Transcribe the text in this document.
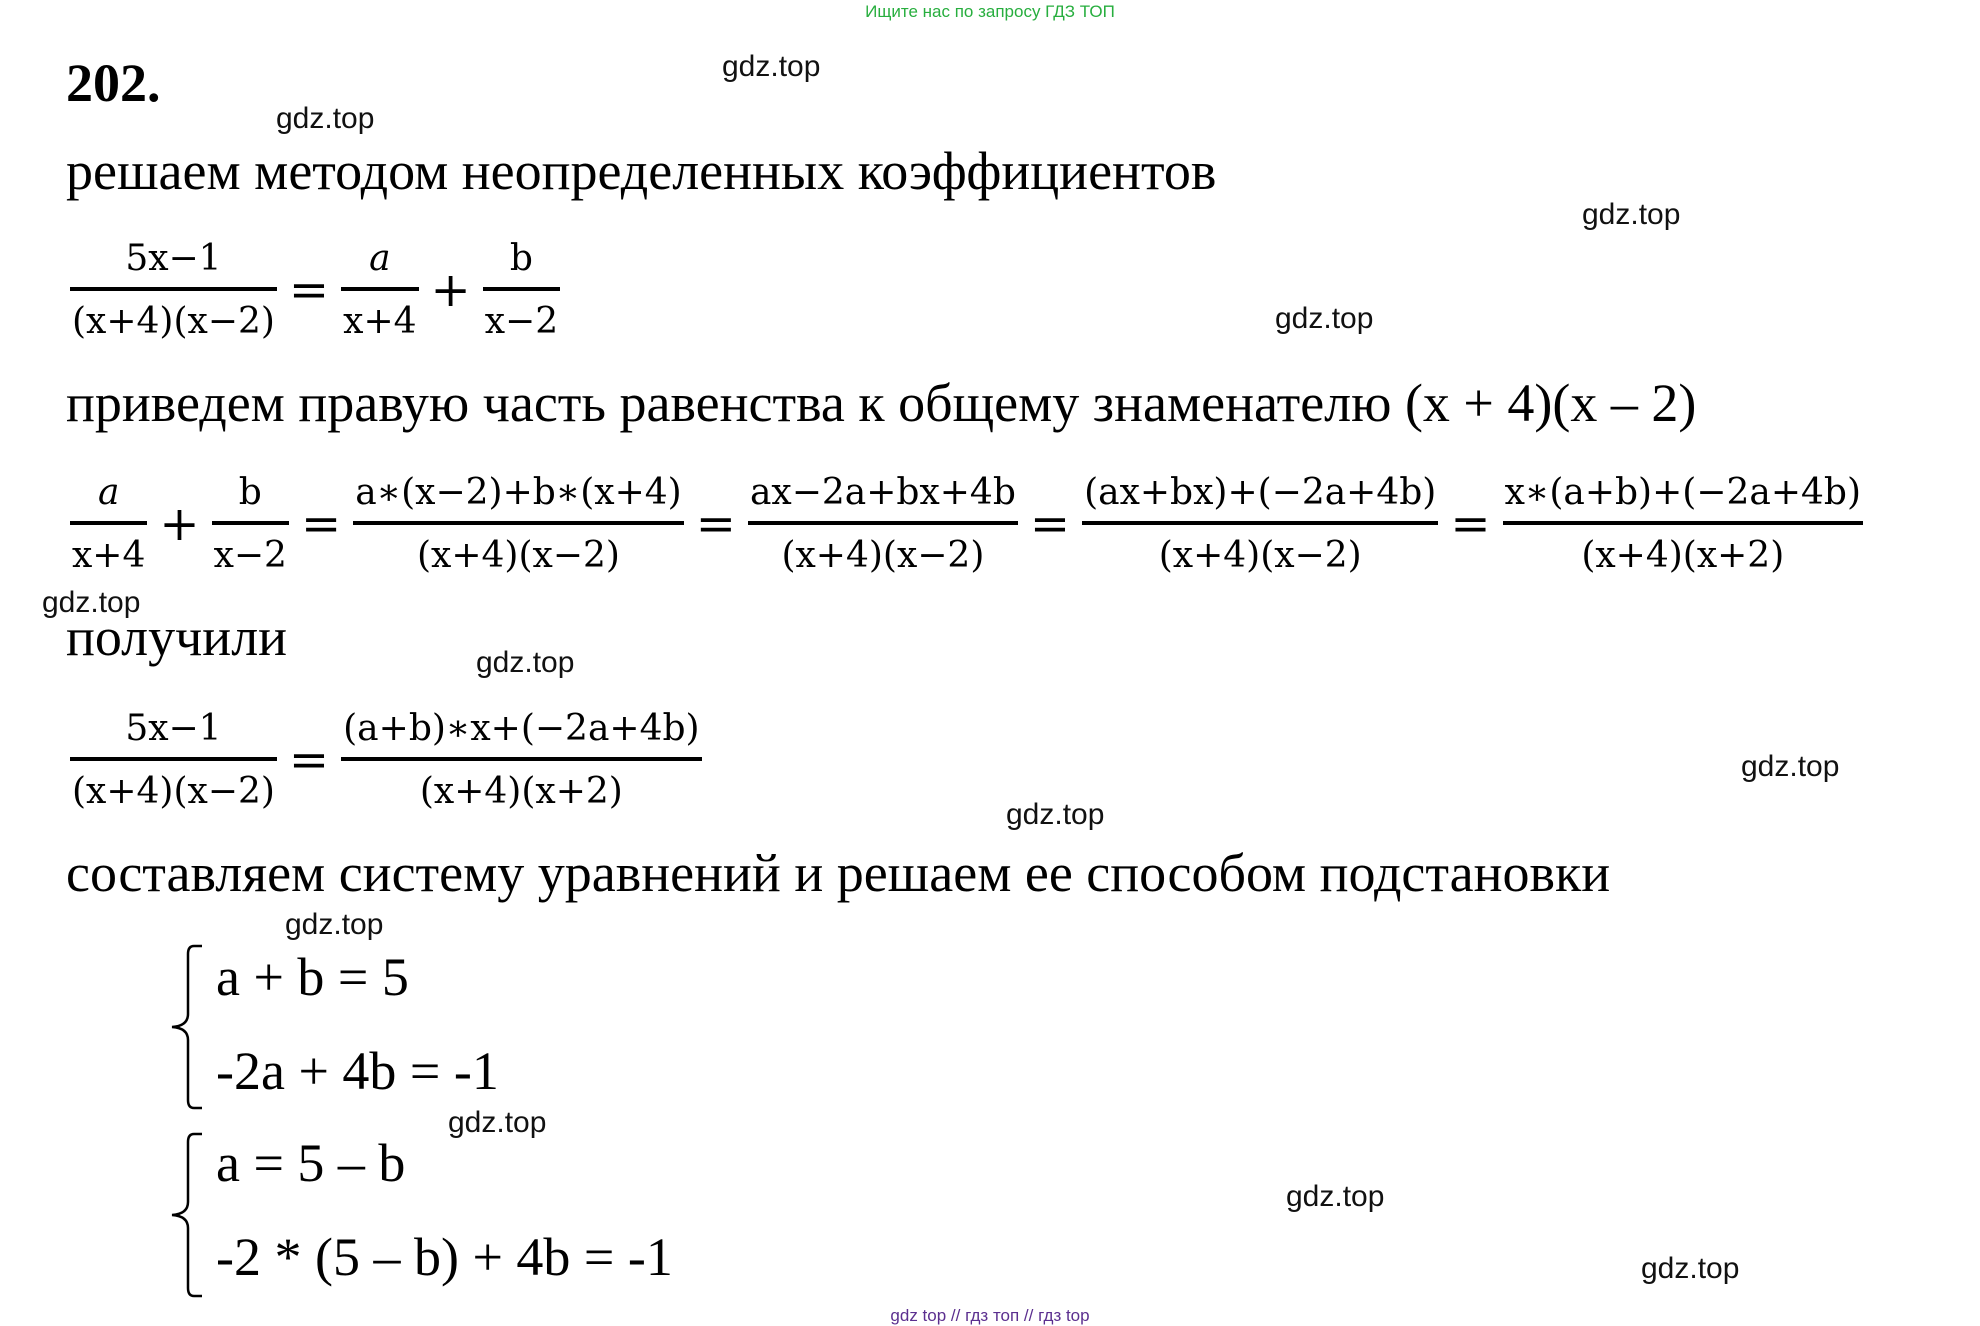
Ищите нас по запросу ГДЗ ТОП
202.	gdz.top
gdz.top
gdz.top
gdz.top
gdz.top
gdz.top
gdz.top
gdz.top
gdz.top
gdz.top
gdz.top
gdz.top
решаем методом неопределенных коэффициентов
$\frac{5x-1}{(x+4)(x-2)} = \frac{a}{x+4} + \frac{b}{x-2}$
приведем правую часть равенства к общему знаменателю (x + 4)(x – 2)
$\frac{a}{x+4} + \frac{b}{x-2} = \frac{a∗(x-2)+b∗(x+4)}{(x+4)(x-2)} = \frac{ax-2a+bx+4b}{(x+4)(x-2)} = \frac{(ax+bx)+(-2a+4b)}{(x+4)(x-2)} = \frac{x∗(a+b)+(-2a+4b)}{(x+4)(x+2)}$
получили
$\frac{5x-1}{(x+4)(x-2)} = \frac{(a+b)∗x+(-2a+4b)}{(x+4)(x+2)}$
составляем систему уравнений и решаем ее способом подстановки
a + b = 5
-2a + 4b = -1
a = 5 – b
-2 * (5 – b) + 4b = -1
gdz top // гдз топ // гдз top
